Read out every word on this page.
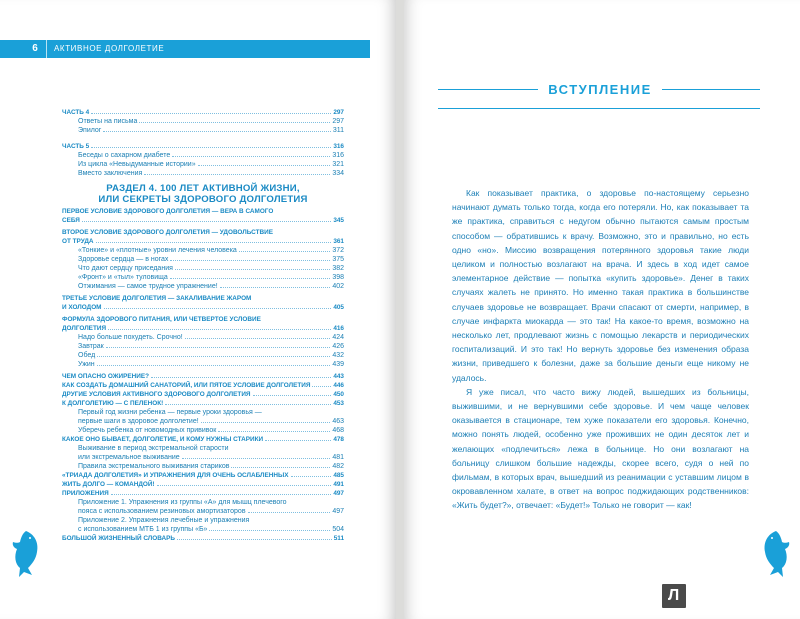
6	АКТИВНОЕ ДОЛГОЛЕТИЕ
ЧАСТЬ 4	297
Ответы на письма	297
Эпилог	311
ЧАСТЬ 5	316
Беседы о сахарном диабете	316
Из цикла «Невыдуманные истории»	321
Вместо заключения	334
РАЗДЕЛ 4. 100 ЛЕТ АКТИВНОЙ ЖИЗНИ,
ИЛИ СЕКРЕТЫ ЗДОРОВОГО ДОЛГОЛЕТИЯ
ПЕРВОЕ УСЛОВИЕ ЗДОРОВОГО ДОЛГОЛЕТИЯ — ВЕРА В САМОГО
СЕБЯ	345
ВТОРОЕ УСЛОВИЕ ЗДОРОВОГО ДОЛГОЛЕТИЯ — УДОВОЛЬСТВИЕ
ОТ ТРУДА	361
«Тонкие» и «плотные» уровни лечения человека	372
Здоровье сердца — в ногах	375
Что дают сердцу приседания	382
«Фронт» и «тыл» туловища	398
Отжимания — самое трудное упражнение!	402
ТРЕТЬЕ УСЛОВИЕ ДОЛГОЛЕТИЯ — ЗАКАЛИВАНИЕ ЖАРОМ
И ХОЛОДОМ	405
ФОРМУЛА ЗДОРОВОГО ПИТАНИЯ, ИЛИ ЧЕТВЕРТОЕ УСЛОВИЕ
ДОЛГОЛЕТИЯ	416
Надо больше похудеть. Срочно!	424
Завтрак	426
Обед	432
Ужин	439
ЧЕМ ОПАСНО ОЖИРЕНИЕ?	443
КАК СОЗДАТЬ ДОМАШНИЙ САНАТОРИЙ, ИЛИ ПЯТОЕ УСЛОВИЕ ДОЛГОЛЕТИЯ	446
ДРУГИЕ УСЛОВИЯ АКТИВНОГО ЗДОРОВОГО ДОЛГОЛЕТИЯ	450
К ДОЛГОЛЕТИЮ — С ПЕЛЕНОК!	453
Первый год жизни ребенка — первые уроки здоровья —
первые шаги в здоровое долголетие!	463
Уберечь ребенка от новомодных прививок	468
КАКОЕ ОНО БЫВАЕТ, ДОЛГОЛЕТИЕ, И КОМУ НУЖНЫ СТАРИКИ	478
Выживание в период экстремальной старости
или экстремальное выживание	481
Правила экстремального выживания стариков	482
«ТРИАДА ДОЛГОЛЕТИЯ» И УПРАЖНЕНИЯ ДЛЯ ОЧЕНЬ ОСЛАБЛЕННЫХ	485
ЖИТЬ ДОЛГО — КОМАНДОЙ!	491
ПРИЛОЖЕНИЯ	497
Приложение 1. Упражнения из группы «А» для мышц плечевого
пояса с использованием резиновых амортизаторов	497
Приложение 2. Упражнения лечебные и упражнения
с использованием МТБ 1 из группы «Б»	504
БОЛЬШОЙ ЖИЗНЕННЫЙ СЛОВАРЬ	511
ВСТУПЛЕНИЕ

Как показывает практика, о здоровье по-настоящему серьезно начинают думать только тогда, когда его потеряли. Но, как показывает та же практика, справиться с недугом обычно пытаются самым простым способом — обратившись к врачу. Возможно, это и правильно, но есть одно «но». Миссию возвращения потерянного здоровья такие люди целиком и полностью возлагают на врача. И здесь в ход идет самое элементарное действие — попытка «купить здоровье». Денег в таких случаях жалеть не принято. Но именно такая практика в большинстве случаев здоровье не возвращает. Врачи спасают от смерти, например, в случае инфаркта миокарда — это так! На какое-то время, возможно на несколько лет, продлевают жизнь с помощью лекарств и периодических госпитализаций. И это так! Но вернуть здоровье без изменения образа жизни, приведшего к болезни, даже за большие деньги еще никому не удалось.

Я уже писал, что часто вижу людей, вышедших из больницы, выжившими, и не вернувшими себе здоровье. И чем чаще человек оказывается в стационаре, тем хуже показатели его здоровья. Конечно, можно понять людей, особенно уже проживших не один десяток лет и желающих «подлечиться» лежа в больнице. Но они возлагают на больницу слишком большие надежды, скорее всего, судя о ней по фильмам, в которых врач, вышедший из реанимации с уставшим лицом в окровавленном халате, в ответ на вопрос поджидающих родственников: «Жить будет?», отвечает: «Будет!» Только не говорит — как!

Л
